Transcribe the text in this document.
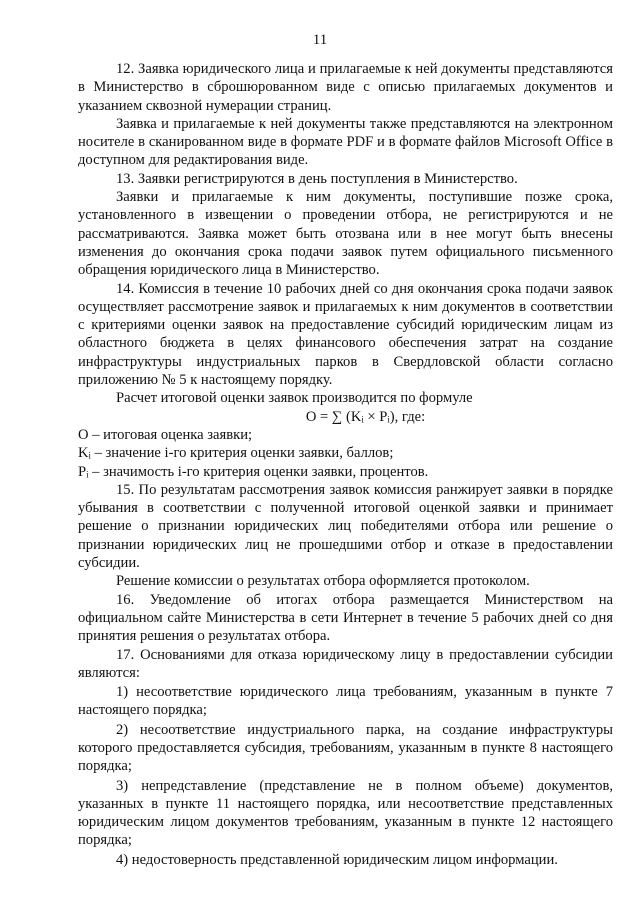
11

12. Заявка юридического лица и прилагаемые к ней документы представляются в Министерство в сброшюрованном виде с описью прилагаемых документов и указанием сквозной нумерации страниц.

Заявка и прилагаемые к ней документы также представляются на электронном носителе в сканированном виде в формате PDF и в формате файлов Microsoft Office в доступном для редактирования виде.

13. Заявки регистрируются в день поступления в Министерство.

Заявки и прилагаемые к ним документы, поступившие позже срока, установленного в извещении о проведении отбора, не регистрируются и не рассматриваются. Заявка может быть отозвана или в нее могут быть внесены изменения до окончания срока подачи заявок путем официального письменного обращения юридического лица в Министерство.

14. Комиссия в течение 10 рабочих дней со дня окончания срока подачи заявок осуществляет рассмотрение заявок и прилагаемых к ним документов в соответствии с критериями оценки заявок на предоставление субсидий юридическим лицам из областного бюджета в целях финансового обеспечения затрат на создание инфраструктуры индустриальных парков в Свердловской области согласно приложению № 5 к настоящему порядку.

Расчет итоговой оценки заявок производится по формуле

O = ∑ (Kᵢ × Pᵢ), где:

O – итоговая оценка заявки;

Kᵢ – значение i-го критерия оценки заявки, баллов;

Pᵢ – значимость i-го критерия оценки заявки, процентов.

15. По результатам рассмотрения заявок комиссия ранжирует заявки в порядке убывания в соответствии с полученной итоговой оценкой заявки и принимает решение о признании юридических лиц победителями отбора или решение о признании юридических лиц не прошедшими отбор и отказе в предоставлении субсидии.

Решение комиссии о результатах отбора оформляется протоколом.

16. Уведомление об итогах отбора размещается Министерством на официальном сайте Министерства в сети Интернет в течение 5 рабочих дней со дня принятия решения о результатах отбора.

17. Основаниями для отказа юридическому лицу в предоставлении субсидии являются:

1) несоответствие юридического лица требованиям, указанным в пункте 7 настоящего порядка;

2) несоответствие индустриального парка, на создание инфраструктуры которого предоставляется субсидия, требованиям, указанным в пункте 8 настоящего порядка;

3) непредставление (представление не в полном объеме) документов, указанных в пункте 11 настоящего порядка, или несоответствие представленных юридическим лицом документов требованиям, указанным в пункте 12 настоящего порядка;

4) недостоверность представленной юридическим лицом информации.
